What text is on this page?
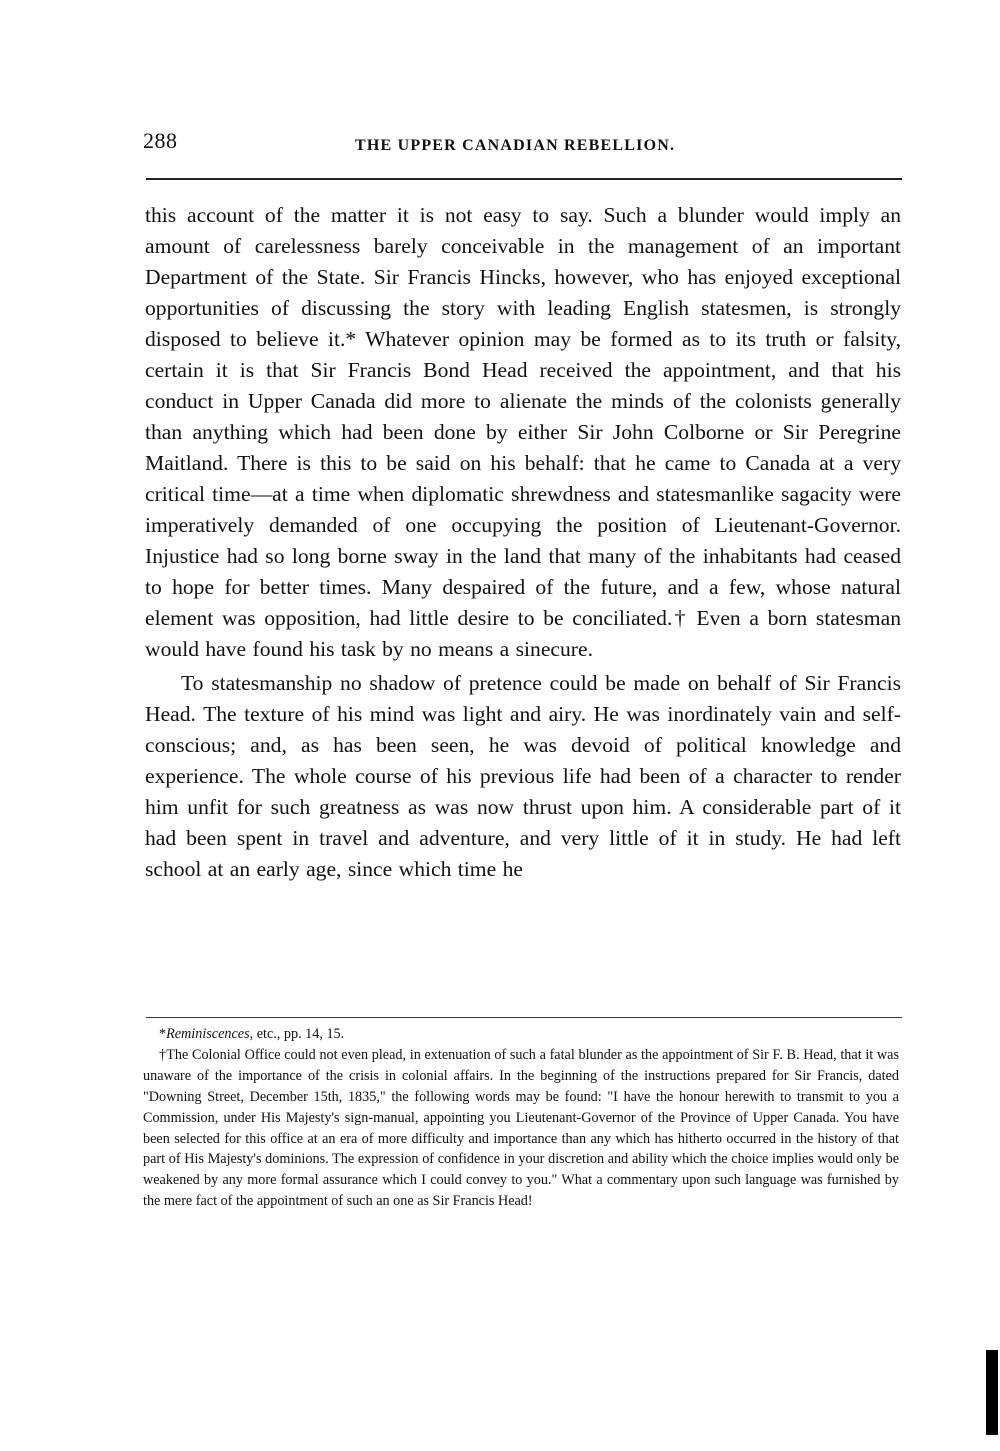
288	THE UPPER CANADIAN REBELLION.

this account of the matter it is not easy to say. Such a blunder would imply an amount of carelessness barely conceivable in the management of an important Department of the State. Sir Francis Hincks, however, who has enjoyed exceptional opportunities of discussing the story with leading English statesmen, is strongly disposed to believe it.* Whatever opinion may be formed as to its truth or falsity, certain it is that Sir Francis Bond Head received the appointment, and that his conduct in Upper Canada did more to alienate the minds of the colonists generally than anything which had been done by either Sir John Colborne or Sir Peregrine Maitland. There is this to be said on his behalf: that he came to Canada at a very critical time—at a time when diplomatic shrewdness and statesmanlike sagacity were imperatively demanded of one occupying the position of Lieutenant-Governor. Injustice had so long borne sway in the land that many of the inhabitants had ceased to hope for better times. Many despaired of the future, and a few, whose natural element was opposition, had little desire to be conciliated.† Even a born statesman would have found his task by no means a sinecure.

To statesmanship no shadow of pretence could be made on behalf of Sir Francis Head. The texture of his mind was light and airy. He was inordinately vain and self-conscious; and, as has been seen, he was devoid of political knowledge and experience. The whole course of his previous life had been of a character to render him unfit for such greatness as was now thrust upon him. A considerable part of it had been spent in travel and adventure, and very little of it in study. He had left school at an early age, since which time he

*Reminiscences, etc., pp. 14, 15.

†The Colonial Office could not even plead, in extenuation of such a fatal blunder as the appointment of Sir F. B. Head, that it was unaware of the importance of the crisis in colonial affairs. In the beginning of the instructions prepared for Sir Francis, dated "Downing Street, December 15th, 1835," the following words may be found: "I have the honour herewith to transmit to you a Commission, under His Majesty's sign-manual, appointing you Lieutenant-Governor of the Province of Upper Canada. You have been selected for this office at an era of more difficulty and importance than any which has hitherto occurred in the history of that part of His Majesty's dominions. The expression of confidence in your discretion and ability which the choice implies would only be weakened by any more formal assurance which I could convey to you." What a commentary upon such language was furnished by the mere fact of the appointment of such an one as Sir Francis Head!
